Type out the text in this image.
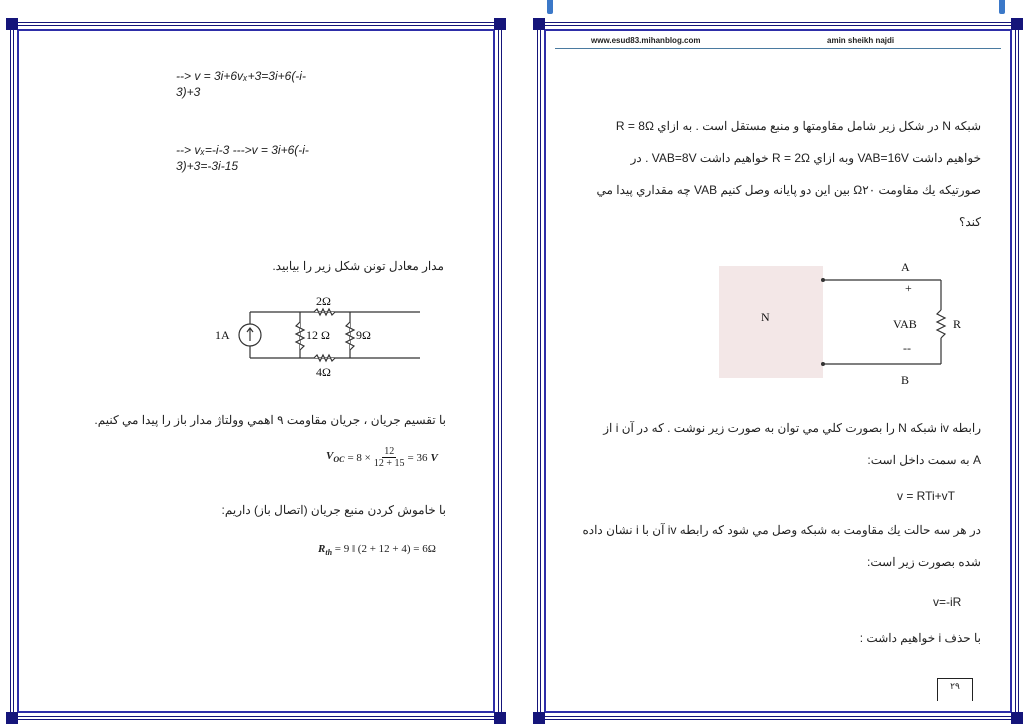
--> v = 3i+6vₓ+3=3i+6(-i-
3)+3
--> vₓ=-i-3 --->v = 3i+6(-i-
3)+3=-3i-15
مدار معادل تونن شکل زیر را بیابید.
1A
2Ω
12 Ω 9Ω
4Ω
با تقسیم جریان ، جریان مقاومت ۹ اهمي وولتاژ مدار باز را پیدا مي كنيم.
$V_{OC} = 8 \times \frac{12}{12 + 15} = 36$ V
با خاموش كردن منبع جريان (اتصال باز) داريم:
$R_{th} = 9$ ‖ (2 + 12 + 4) = 6Ω
www.esud83.mihanblog.com	amin sheikh najdi
شبكه N در شكل زير شامل مقاومتها و منبع مستقل است . به ازاي R = 8Ω
خواهيم داشت VAB=16V وبه ازاي R = 2Ω خواهيم داشت VAB=8V . در
صورتيكه يك مقاومت Ω۲۰ بين اين دو پايانه وصل كنيم VAB چه مقداري پيدا مي
كند؟
N
A
+
VAB
--
B
R
رابطه iv شبكه N را بصورت كلي مي توان به صورت زير نوشت . كه در آن i از
A به سمت داخل است:
v = RTi+vT
در هر سه حالت يك مقاومت به شبكه وصل مي شود كه رابطه iv آن با i نشان داده
شده بصورت زير است:
v=-iR
با حذف i خواهيم داشت :
۲۹
